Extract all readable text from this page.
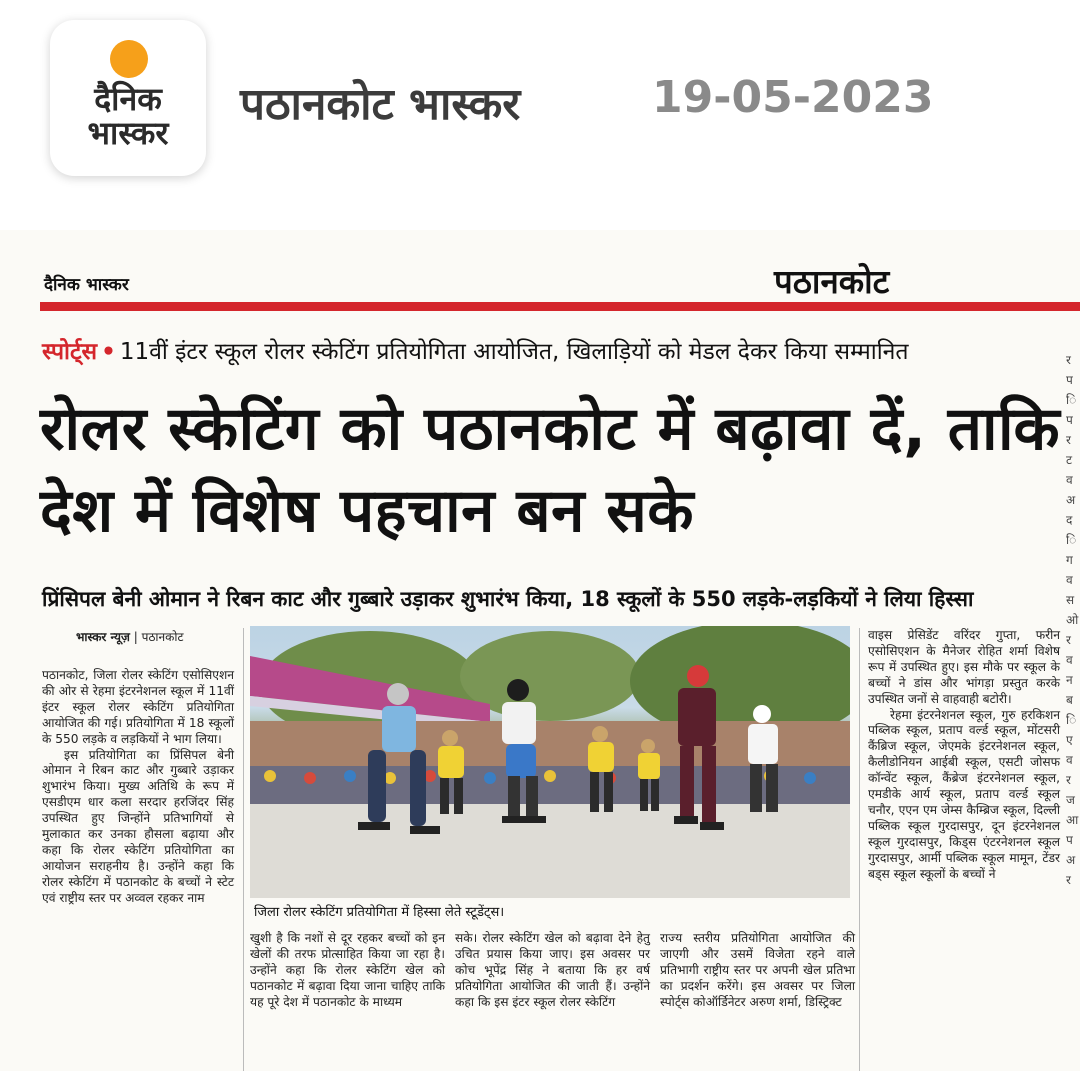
दैनिक भास्कर
पठानकोट भास्कर	19-05-2023
दैनिक भास्कर	पठानकोट
स्पोर्ट्स • 11वीं इंटर स्कूल रोलर स्केटिंग प्रतियोगिता आयोजित, खिलाड़ियों को मेडल देकर किया सम्मानित
रोलर स्केटिंग को पठानकोट में बढ़ावा दें, ताकि देश में विशेष पहचान बन सके
प्रिंसिपल बेनी ओमान ने रिबन काट और गुब्बारे उड़ाकर शुभारंभ किया, 18 स्कूलों के 550 लड़के-लड़कियों ने लिया हिस्सा
भास्कर न्यूज़ | पठानकोट

पठानकोट, जिला रोलर स्केटिंग एसोसिएशन की ओर से रेहमा इंटरनेशनल स्कूल में 11वीं इंटर स्कूल रोलर स्केटिंग प्रतियोगिता आयोजित की गई। प्रतियोगिता में 18 स्कूलों के 550 लड़के व लड़कियों ने भाग लिया।

इस प्रतियोगिता का प्रिंसिपल बेनी ओमान ने रिबन काट और गुब्बारे उड़ाकर शुभारंभ किया। मुख्य अतिथि के रूप में एसडीएम धार कला सरदार हरजिंदर सिंह उपस्थित हुए जिन्होंने प्रतिभागियों से मुलाकात कर उनका हौसला बढ़ाया और कहा कि रोलर स्केटिंग प्रतियोगिता का आयोजन सराहनीय है। उन्होंने कहा कि रोलर स्केटिंग में पठानकोट के बच्चों ने स्टेट एवं राष्ट्रीय स्तर पर अव्वल रहकर नाम

जिला रोलर स्केटिंग प्रतियोगिता में हिस्सा लेते स्टूडेंट्स।
खुशी है कि नशों से दूर रहकर बच्चों को इन खेलों की तरफ प्रोत्साहित किया जा रहा है। उन्होंने कहा कि रोलर स्केटिंग खेल को पठानकोट में बढ़ावा दिया जाना चाहिए ताकि यह पूरे देश में पठानकोट के माध्यम
सके। रोलर स्केटिंग खेल को बढ़ावा देने हेतु उचित प्रयास किया जाए। इस अवसर पर कोच भूपेंद्र सिंह ने बताया कि हर वर्ष प्रतियोगिता आयोजित की जाती हैं। उन्होंने कहा कि इस इंटर स्कूल रोलर स्केटिंग
राज्य स्तरीय प्रतियोगिता आयोजित की जाएगी और उसमें विजेता रहने वाले प्रतिभागी राष्ट्रीय स्तर पर अपनी खेल प्रतिभा का प्रदर्शन करेंगे। इस अवसर पर जिला स्पोर्ट्स कोऑर्डिनेटर अरुण शर्मा, डिस्ट्रिक्ट

वाइस प्रेसिडेंट वरिंदर गुप्ता, फरीन एसोसिएशन के मैनेजर रोहित शर्मा विशेष रूप में उपस्थित हुए। इस मौके पर स्कूल के बच्चों ने डांस और भांगड़ा प्रस्तुत करके उपस्थित जनों से वाहवाही बटोरी।

रेहमा इंटरनेशनल स्कूल, गुरु हरकिशन पब्लिक स्कूल, प्रताप वर्ल्ड स्कूल, मोंटसरी कैंब्रिज स्कूल, जेएमके इंटरनेशनल स्कूल, कैलीडोनियन आईबी स्कूल, एसटी जोसफ कॉन्वेंट स्कूल, कैंब्रेज इंटरनेशनल स्कूल, एमडीके आर्य स्कूल, प्रताप वर्ल्ड स्कूल चनौर, एएन एम जेम्स कैम्ब्रिज स्कूल, दिल्ली पब्लिक स्कूल गुरदासपुर, दून इंटरनेशनल स्कूल गुरदासपुर, किड्स एंटरनेशनल स्कूल गुरदासपुर, आर्मी पब्लिक स्कूल मामून, टेंडर बड्स स्कूल स्कूलों के बच्चों ने

र प ि प र ट व अ द ि ग व स ओ र व न ब ि ए व र ज आ प अ र
